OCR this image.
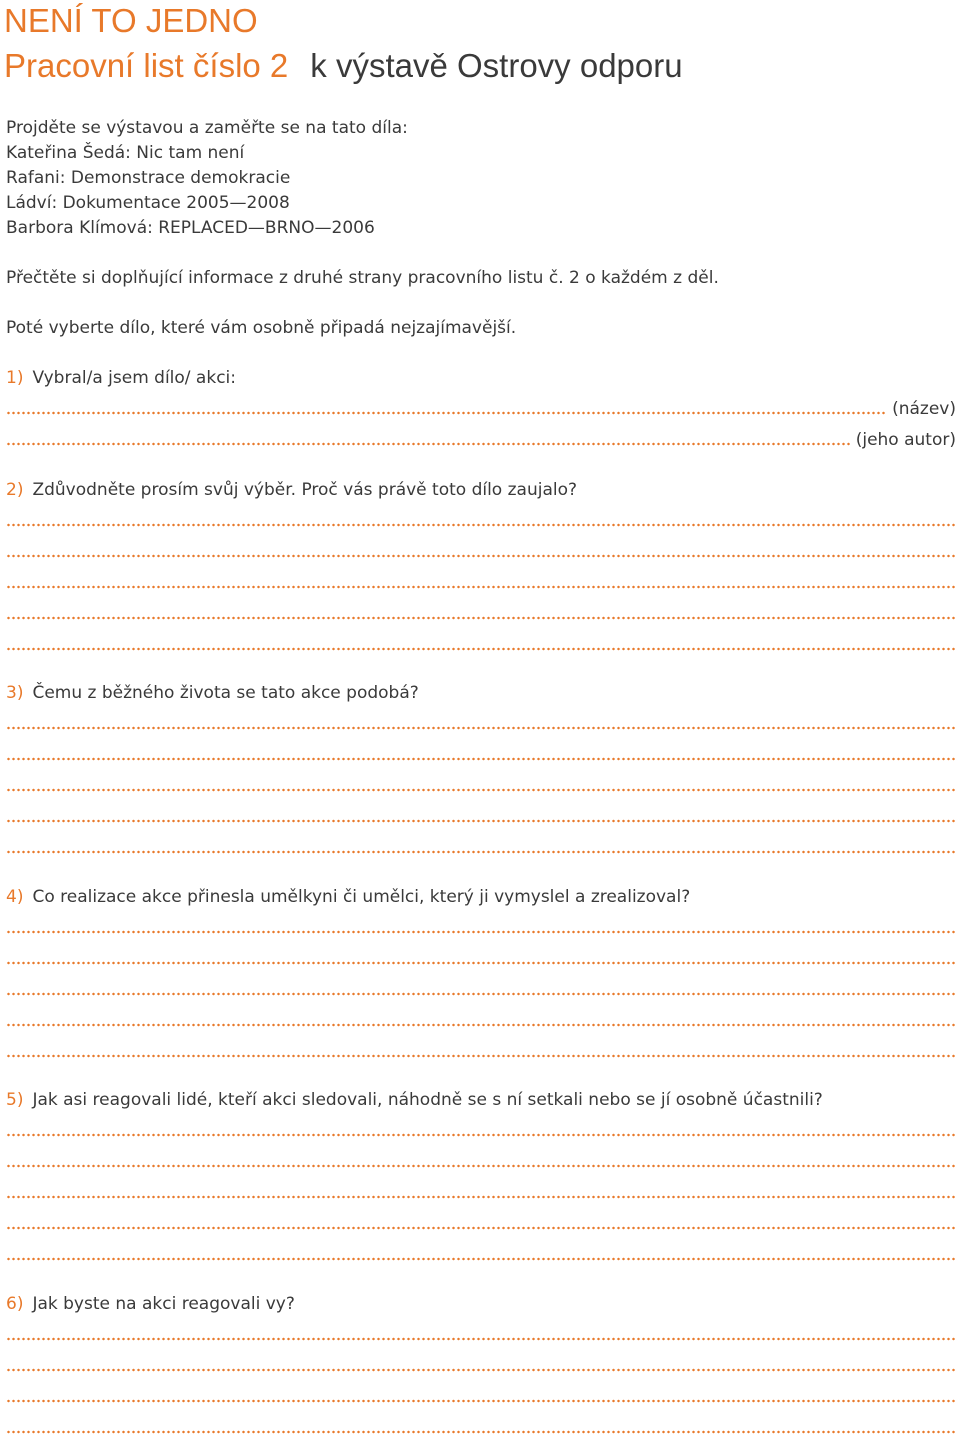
NENÍ TO JEDNO
Pracovní list číslo 2 k výstavě Ostrovy odporu
Projděte se výstavou a zaměřte se na tato díla:
Kateřina Šedá: Nic tam není
Rafani: Demonstrace demokracie
Ládví: Dokumentace 2005—2008
Barbora Klímová: REPLACED—BRNO—2006
Přečtěte si doplňující informace z druhé strany pracovního listu č. 2 o každém z děl.
Poté vyberte dílo, které vám osobně připadá nejzajímavější.
1) Vybral/a jsem dílo/ akci:
(název)
(jeho autor)
2) Zdůvodněte prosím svůj výběr. Proč vás právě toto dílo zaujalo?
3) Čemu z běžného života se tato akce podobá?
4) Co realizace akce přinesla umělkyni či umělci, který ji vymyslel a zrealizoval?
5) Jak asi reagovali lidé, kteří akci sledovali, náhodně se s ní setkali nebo se jí osobně účastnili?
6) Jak byste na akci reagovali vy?
